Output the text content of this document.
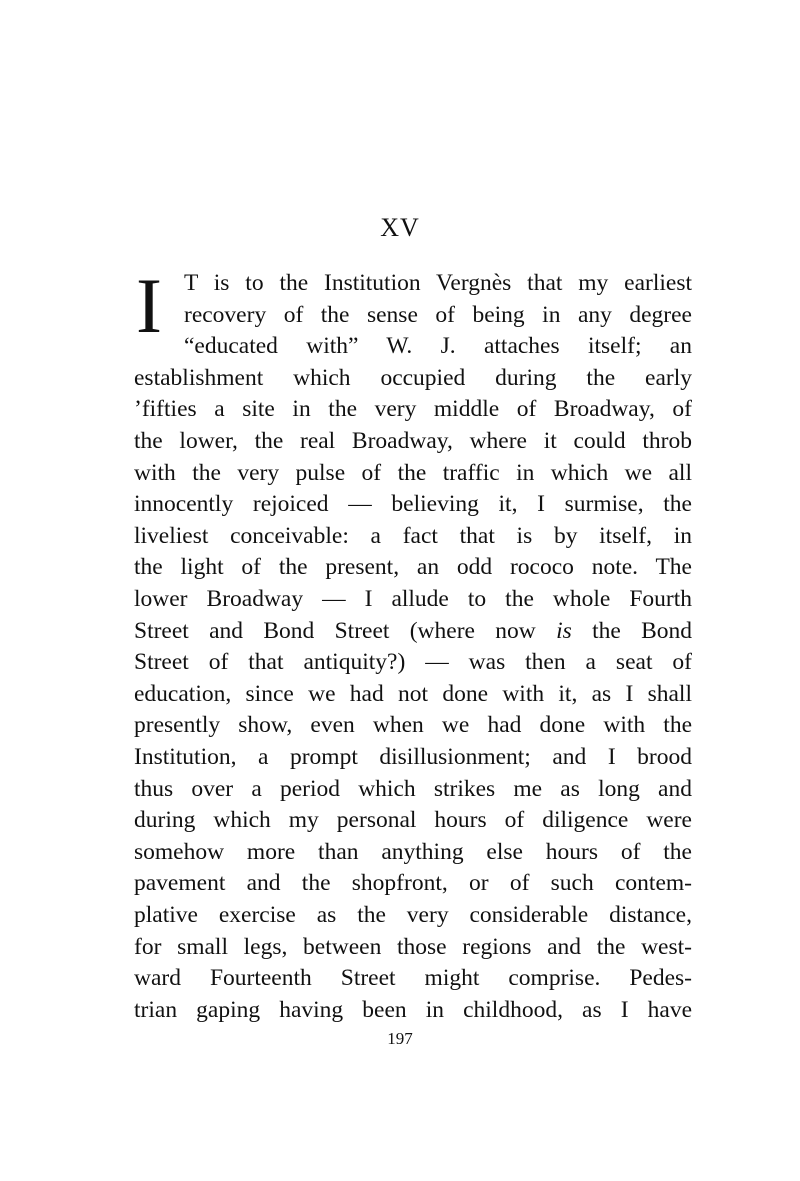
XV
I T is to the Institution Vergnès that my earliest
recovery of the sense of being in any degree
“educated with” W. J. attaches itself; an
establishment which occupied during the early
’fifties a site in the very middle of Broadway, of
the lower, the real Broadway, where it could throb
with the very pulse of the traffic in which we all
innocently rejoiced — believing it, I surmise, the
liveliest conceivable: a fact that is by itself, in
the light of the present, an odd rococo note. The
lower Broadway — I allude to the whole Fourth
Street and Bond Street (where now is the Bond
Street of that antiquity?) — was then a seat of
education, since we had not done with it, as I shall
presently show, even when we had done with the
Institution, a prompt disillusionment; and I brood
thus over a period which strikes me as long and
during which my personal hours of diligence were
somehow more than anything else hours of the
pavement and the shopfront, or of such contem-
plative exercise as the very considerable distance,
for small legs, between those regions and the west-
ward Fourteenth Street might comprise. Pedes-
trian gaping having been in childhood, as I have
197
